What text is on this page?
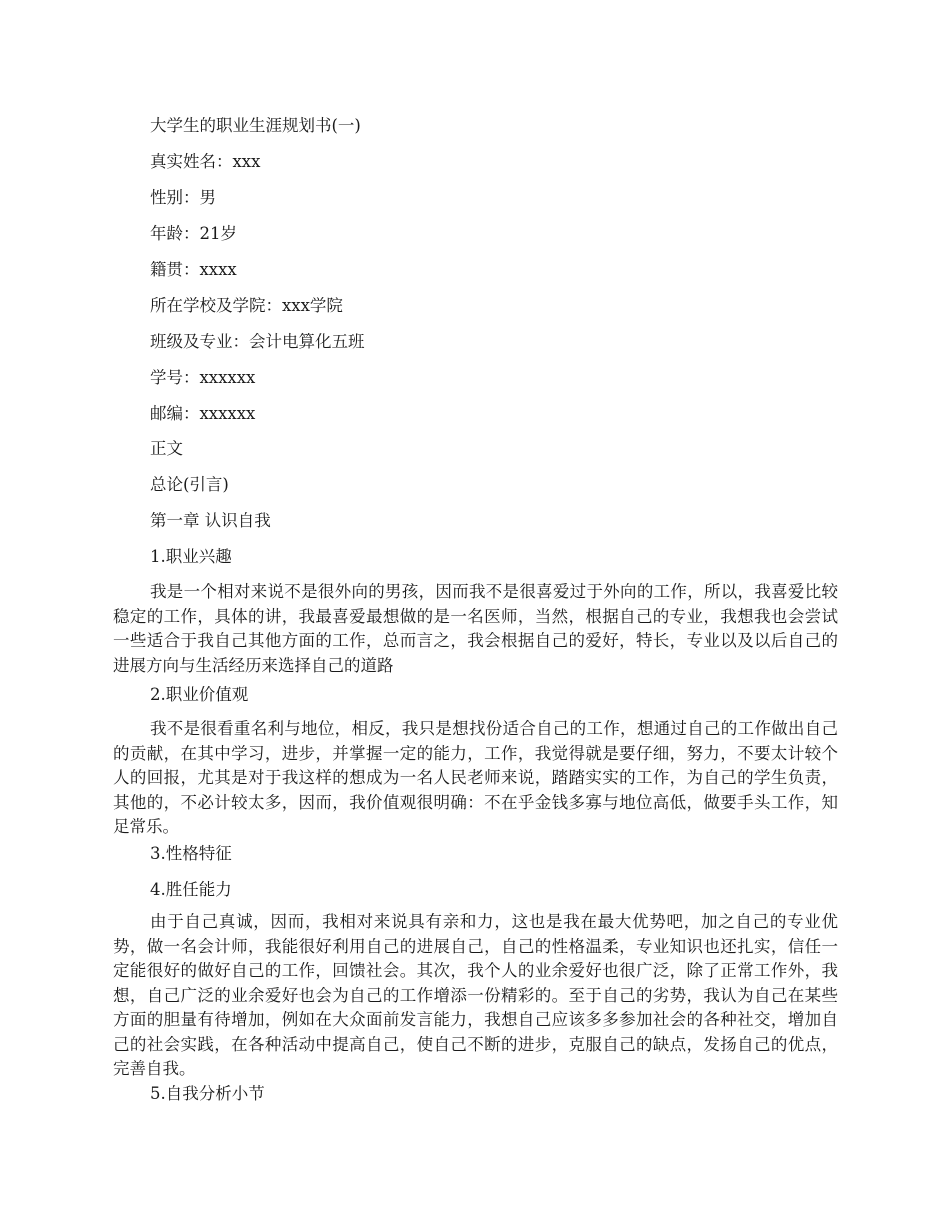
大学生的职业生涯规划书(一)
真实姓名：xxx
性别：男
年龄：21岁
籍贯：xxxx
所在学校及学院：xxx学院
班级及专业：会计电算化五班
学号：xxxxxx
邮编：xxxxxx
正文
总论(引言)
第一章 认识自我
1.职业兴趣
我是一个相对来说不是很外向的男孩，因而我不是很喜爱过于外向的工作，所以，我喜爱比较稳定的工作，具体的讲，我最喜爱最想做的是一名医师，当然，根据自己的专业，我想我也会尝试一些适合于我自己其他方面的工作，总而言之，我会根据自己的爱好，特长，专业以及以后自己的进展方向与生活经历来选择自己的道路
2.职业价值观
我不是很看重名利与地位，相反，我只是想找份适合自己的工作，想通过自己的工作做出自己的贡献，在其中学习，进步，并掌握一定的能力，工作，我觉得就是要仔细，努力，不要太计较个人的回报，尤其是对于我这样的想成为一名人民老师来说，踏踏实实的工作，为自己的学生负责，其他的，不必计较太多，因而，我价值观很明确：不在乎金钱多寡与地位高低，做要手头工作，知足常乐。
3.性格特征
4.胜任能力
由于自己真诚，因而，我相对来说具有亲和力，这也是我在最大优势吧，加之自己的专业优势，做一名会计师，我能很好利用自己的进展自己，自己的性格温柔，专业知识也还扎实，信任一定能很好的做好自己的工作，回馈社会。其次，我个人的业余爱好也很广泛，除了正常工作外，我想，自己广泛的业余爱好也会为自己的工作增添一份精彩的。至于自己的劣势，我认为自己在某些方面的胆量有待增加，例如在大众面前发言能力，我想自己应该多多参加社会的各种社交，增加自己的社会实践，在各种活动中提高自己，使自己不断的进步，克服自己的缺点，发扬自己的优点，完善自我。
5.自我分析小节
